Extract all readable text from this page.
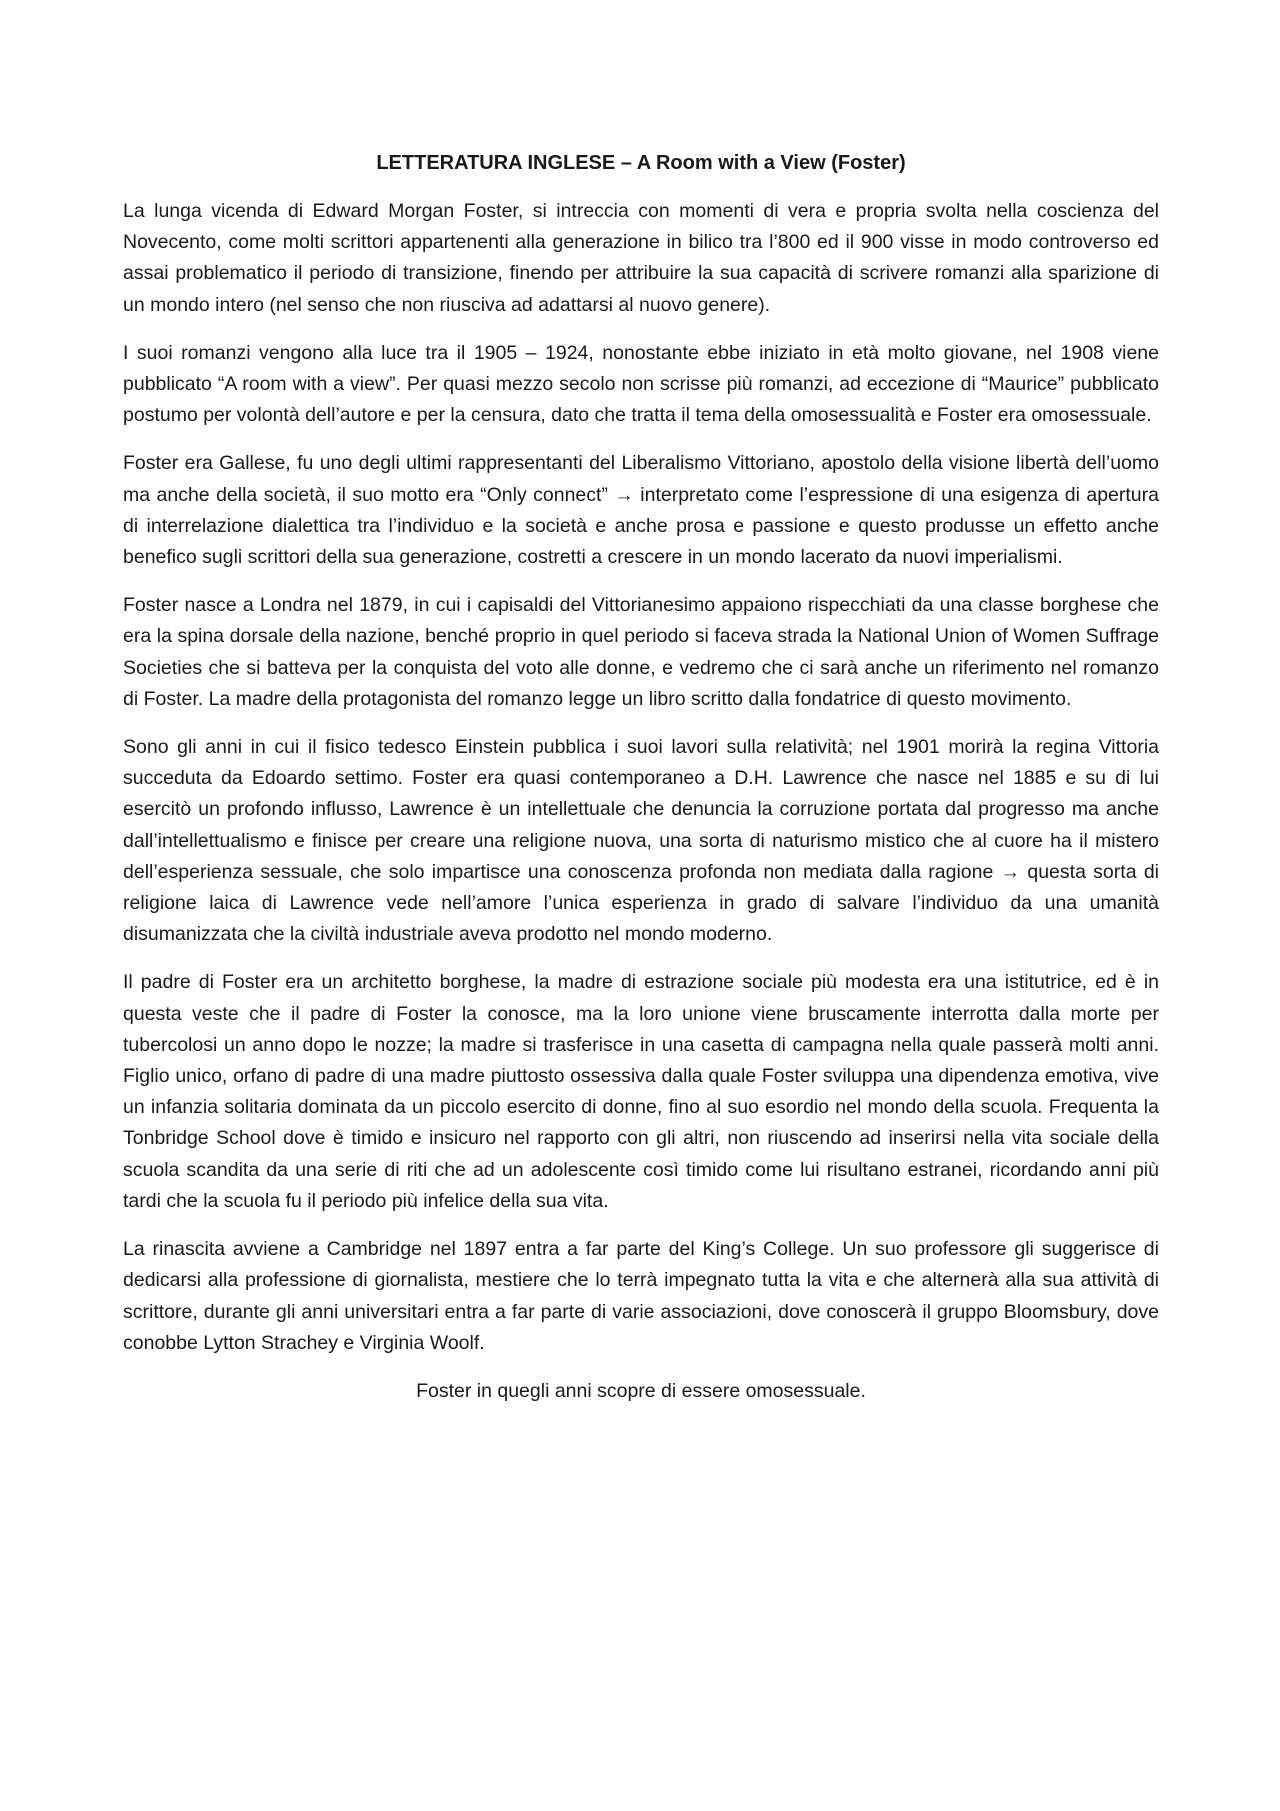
LETTERATURA INGLESE – A Room with a View (Foster)

La lunga vicenda di Edward Morgan Foster, si intreccia con momenti di vera e propria svolta nella coscienza del Novecento, come molti scrittori appartenenti alla generazione in bilico tra l’800 ed il 900 visse in modo controverso ed assai problematico il periodo di transizione, finendo per attribuire la sua capacità di scrivere romanzi alla sparizione di un mondo intero (nel senso che non riusciva ad adattarsi al nuovo genere).

I suoi romanzi vengono alla luce tra il 1905 – 1924, nonostante ebbe iniziato in età molto giovane, nel 1908 viene pubblicato “A room with a view”. Per quasi mezzo secolo non scrisse più romanzi, ad eccezione di “Maurice” pubblicato postumo per volontà dell’autore e per la censura, dato che tratta il tema della omosessualità e Foster era omosessuale.

Foster era Gallese, fu uno degli ultimi rappresentanti del Liberalismo Vittoriano, apostolo della visione libertà dell’uomo ma anche della società, il suo motto era “Only connect” → interpretato come l’espressione di una esigenza di apertura di interrelazione dialettica tra l’individuo e la società e anche prosa e passione e questo produsse un effetto anche benefico sugli scrittori della sua generazione, costretti a crescere in un mondo lacerato da nuovi imperialismi.

Foster nasce a Londra nel 1879, in cui i capisaldi del Vittorianesimo appaiono rispecchiati da una classe borghese che era la spina dorsale della nazione, benché proprio in quel periodo si faceva strada la National Union of Women Suffrage Societies che si batteva per la conquista del voto alle donne, e vedremo che ci sarà anche un riferimento nel romanzo di Foster. La madre della protagonista del romanzo legge un libro scritto dalla fondatrice di questo movimento.

Sono gli anni in cui il fisico tedesco Einstein pubblica i suoi lavori sulla relatività; nel 1901 morirà la regina Vittoria succeduta da Edoardo settimo. Foster era quasi contemporaneo a D.H. Lawrence che nasce nel 1885 e su di lui esercitò un profondo influsso, Lawrence è un intellettuale che denuncia la corruzione portata dal progresso ma anche dall’intellettualismo e finisce per creare una religione nuova, una sorta di naturismo mistico che al cuore ha il mistero dell’esperienza sessuale, che solo impartisce una conoscenza profonda non mediata dalla ragione → questa sorta di religione laica di Lawrence vede nell’amore l’unica esperienza in grado di salvare l’individuo da una umanità disumanizzata che la civiltà industriale aveva prodotto nel mondo moderno.

Il padre di Foster era un architetto borghese, la madre di estrazione sociale più modesta era una istitutrice, ed è in questa veste che il padre di Foster la conosce, ma la loro unione viene bruscamente interrotta dalla morte per tubercolosi un anno dopo le nozze; la madre si trasferisce in una casetta di campagna nella quale passerà molti anni. Figlio unico, orfano di padre di una madre piuttosto ossessiva dalla quale Foster sviluppa una dipendenza emotiva, vive un infanzia solitaria dominata da un piccolo esercito di donne, fino al suo esordio nel mondo della scuola. Frequenta la Tonbridge School dove è timido e insicuro nel rapporto con gli altri, non riuscendo ad inserirsi nella vita sociale della scuola scandita da una serie di riti che ad un adolescente così timido come lui risultano estranei, ricordando anni più tardi che la scuola fu il periodo più infelice della sua vita.

La rinascita avviene a Cambridge nel 1897 entra a far parte del King’s College. Un suo professore gli suggerisce di dedicarsi alla professione di giornalista, mestiere che lo terrà impegnato tutta la vita e che alternerà alla sua attività di scrittore, durante gli anni universitari entra a far parte di varie associazioni, dove conoscerà il gruppo Bloomsbury, dove conobbe Lytton Strachey e Virginia Woolf.

Foster in quegli anni scopre di essere omosessuale.
